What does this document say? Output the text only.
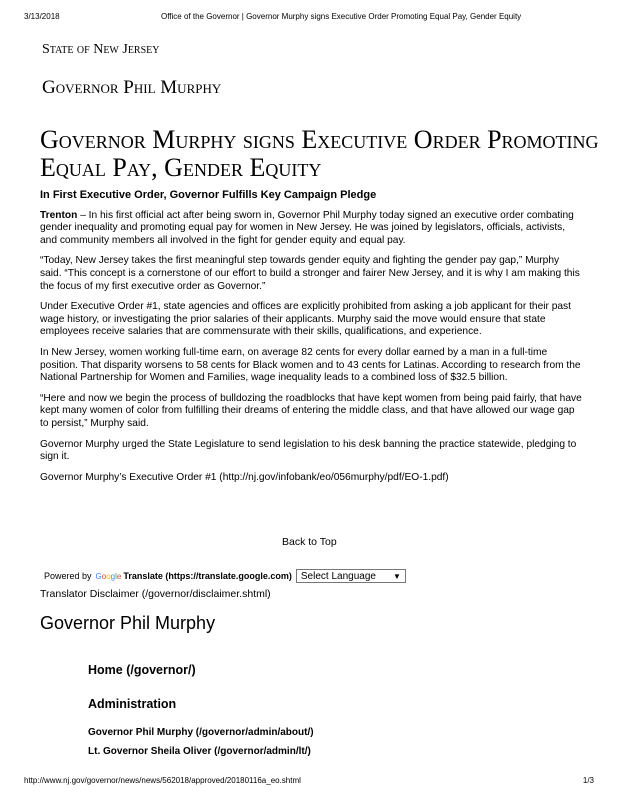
3/13/2018	Office of the Governor | Governor Murphy signs Executive Order Promoting Equal Pay, Gender Equity
State of New Jersey
Governor Phil Murphy
Governor Murphy signs Executive Order Promoting Equal Pay, Gender Equity
In First Executive Order, Governor Fulfills Key Campaign Pledge

Trenton – In his first official act after being sworn in, Governor Phil Murphy today signed an executive order combating gender inequality and promoting equal pay for women in New Jersey. He was joined by legislators, officials, activists, and community members all involved in the fight for gender equity and equal pay.

“Today, New Jersey takes the first meaningful step towards gender equity and fighting the gender pay gap,” Murphy said. “This concept is a cornerstone of our effort to build a stronger and fairer New Jersey, and it is why I am making this the focus of my first executive order as Governor.”

Under Executive Order #1, state agencies and offices are explicitly prohibited from asking a job applicant for their past wage history, or investigating the prior salaries of their applicants. Murphy said the move would ensure that state employees receive salaries that are commensurate with their skills, qualifications, and experience.

In New Jersey, women working full-time earn, on average 82 cents for every dollar earned by a man in a full-time position. That disparity worsens to 58 cents for Black women and to 43 cents for Latinas. According to research from the National Partnership for Women and Families, wage inequality leads to a combined loss of $32.5 billion.

“Here and now we begin the process of bulldozing the roadblocks that have kept women from being paid fairly, that have kept many women of color from fulfilling their dreams of entering the middle class, and that have allowed our wage gap to persist,” Murphy said.

Governor Murphy urged the State Legislature to send legislation to his desk banning the practice statewide, pledging to sign it.

Governor Murphy’s Executive Order #1 (http://nj.gov/infobank/eo/056murphy/pdf/EO-1.pdf)

Back to Top
Powered by Google Translate (https://translate.google.com) Select Language ▼
Translator Disclaimer (/governor/disclaimer.shtml)
Governor Phil Murphy
Home (/governor/)
Administration
Governor Phil Murphy (/governor/admin/about/)
Lt. Governor Sheila Oliver (/governor/admin/lt/)
http://www.nj.gov/governor/news/news/562018/approved/20180116a_eo.shtml	1/3
